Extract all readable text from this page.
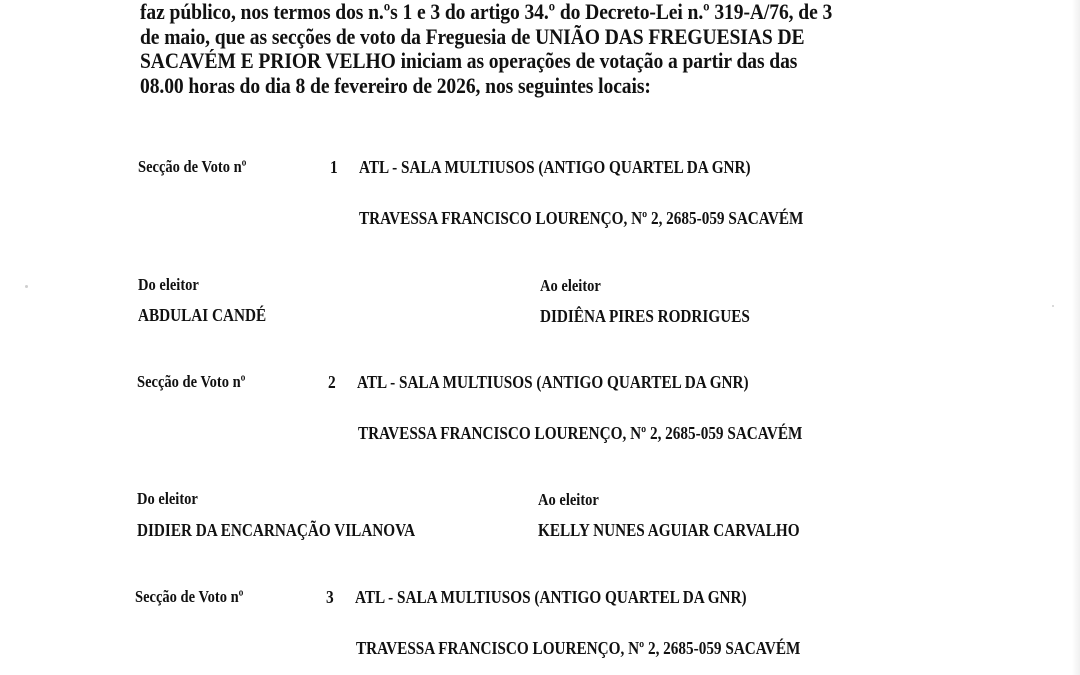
faz público, nos termos dos n.ºs 1 e 3 do artigo 34.º do Decreto-Lei n.º 319-A/76, de 3
de maio, que as secções de voto da Freguesia de UNIÃO DAS FREGUESIAS DE
SACAVÉM E PRIOR VELHO iniciam as operações de votação a partir das das
08.00 horas do dia 8 de fevereiro de 2026, nos seguintes locais:
Secção de Voto nº	1 ATL - SALA MULTIUSOS (ANTIGO QUARTEL DA GNR)
TRAVESSA FRANCISCO LOURENÇO, Nº 2, 2685-059 SACAVÉM
Do eleitor
ABDULAI CANDÉ
Ao eleitor
DIDIÊNA PIRES RODRIGUES
Secção de Voto nº	2 ATL - SALA MULTIUSOS (ANTIGO QUARTEL DA GNR)
TRAVESSA FRANCISCO LOURENÇO, Nº 2, 2685-059 SACAVÉM
Do eleitor
DIDIER DA ENCARNAÇÃO VILANOVA
Ao eleitor
KELLY NUNES AGUIAR CARVALHO
Secção de Voto nº	3 ATL - SALA MULTIUSOS (ANTIGO QUARTEL DA GNR)
TRAVESSA FRANCISCO LOURENÇO, Nº 2, 2685-059 SACAVÉM
